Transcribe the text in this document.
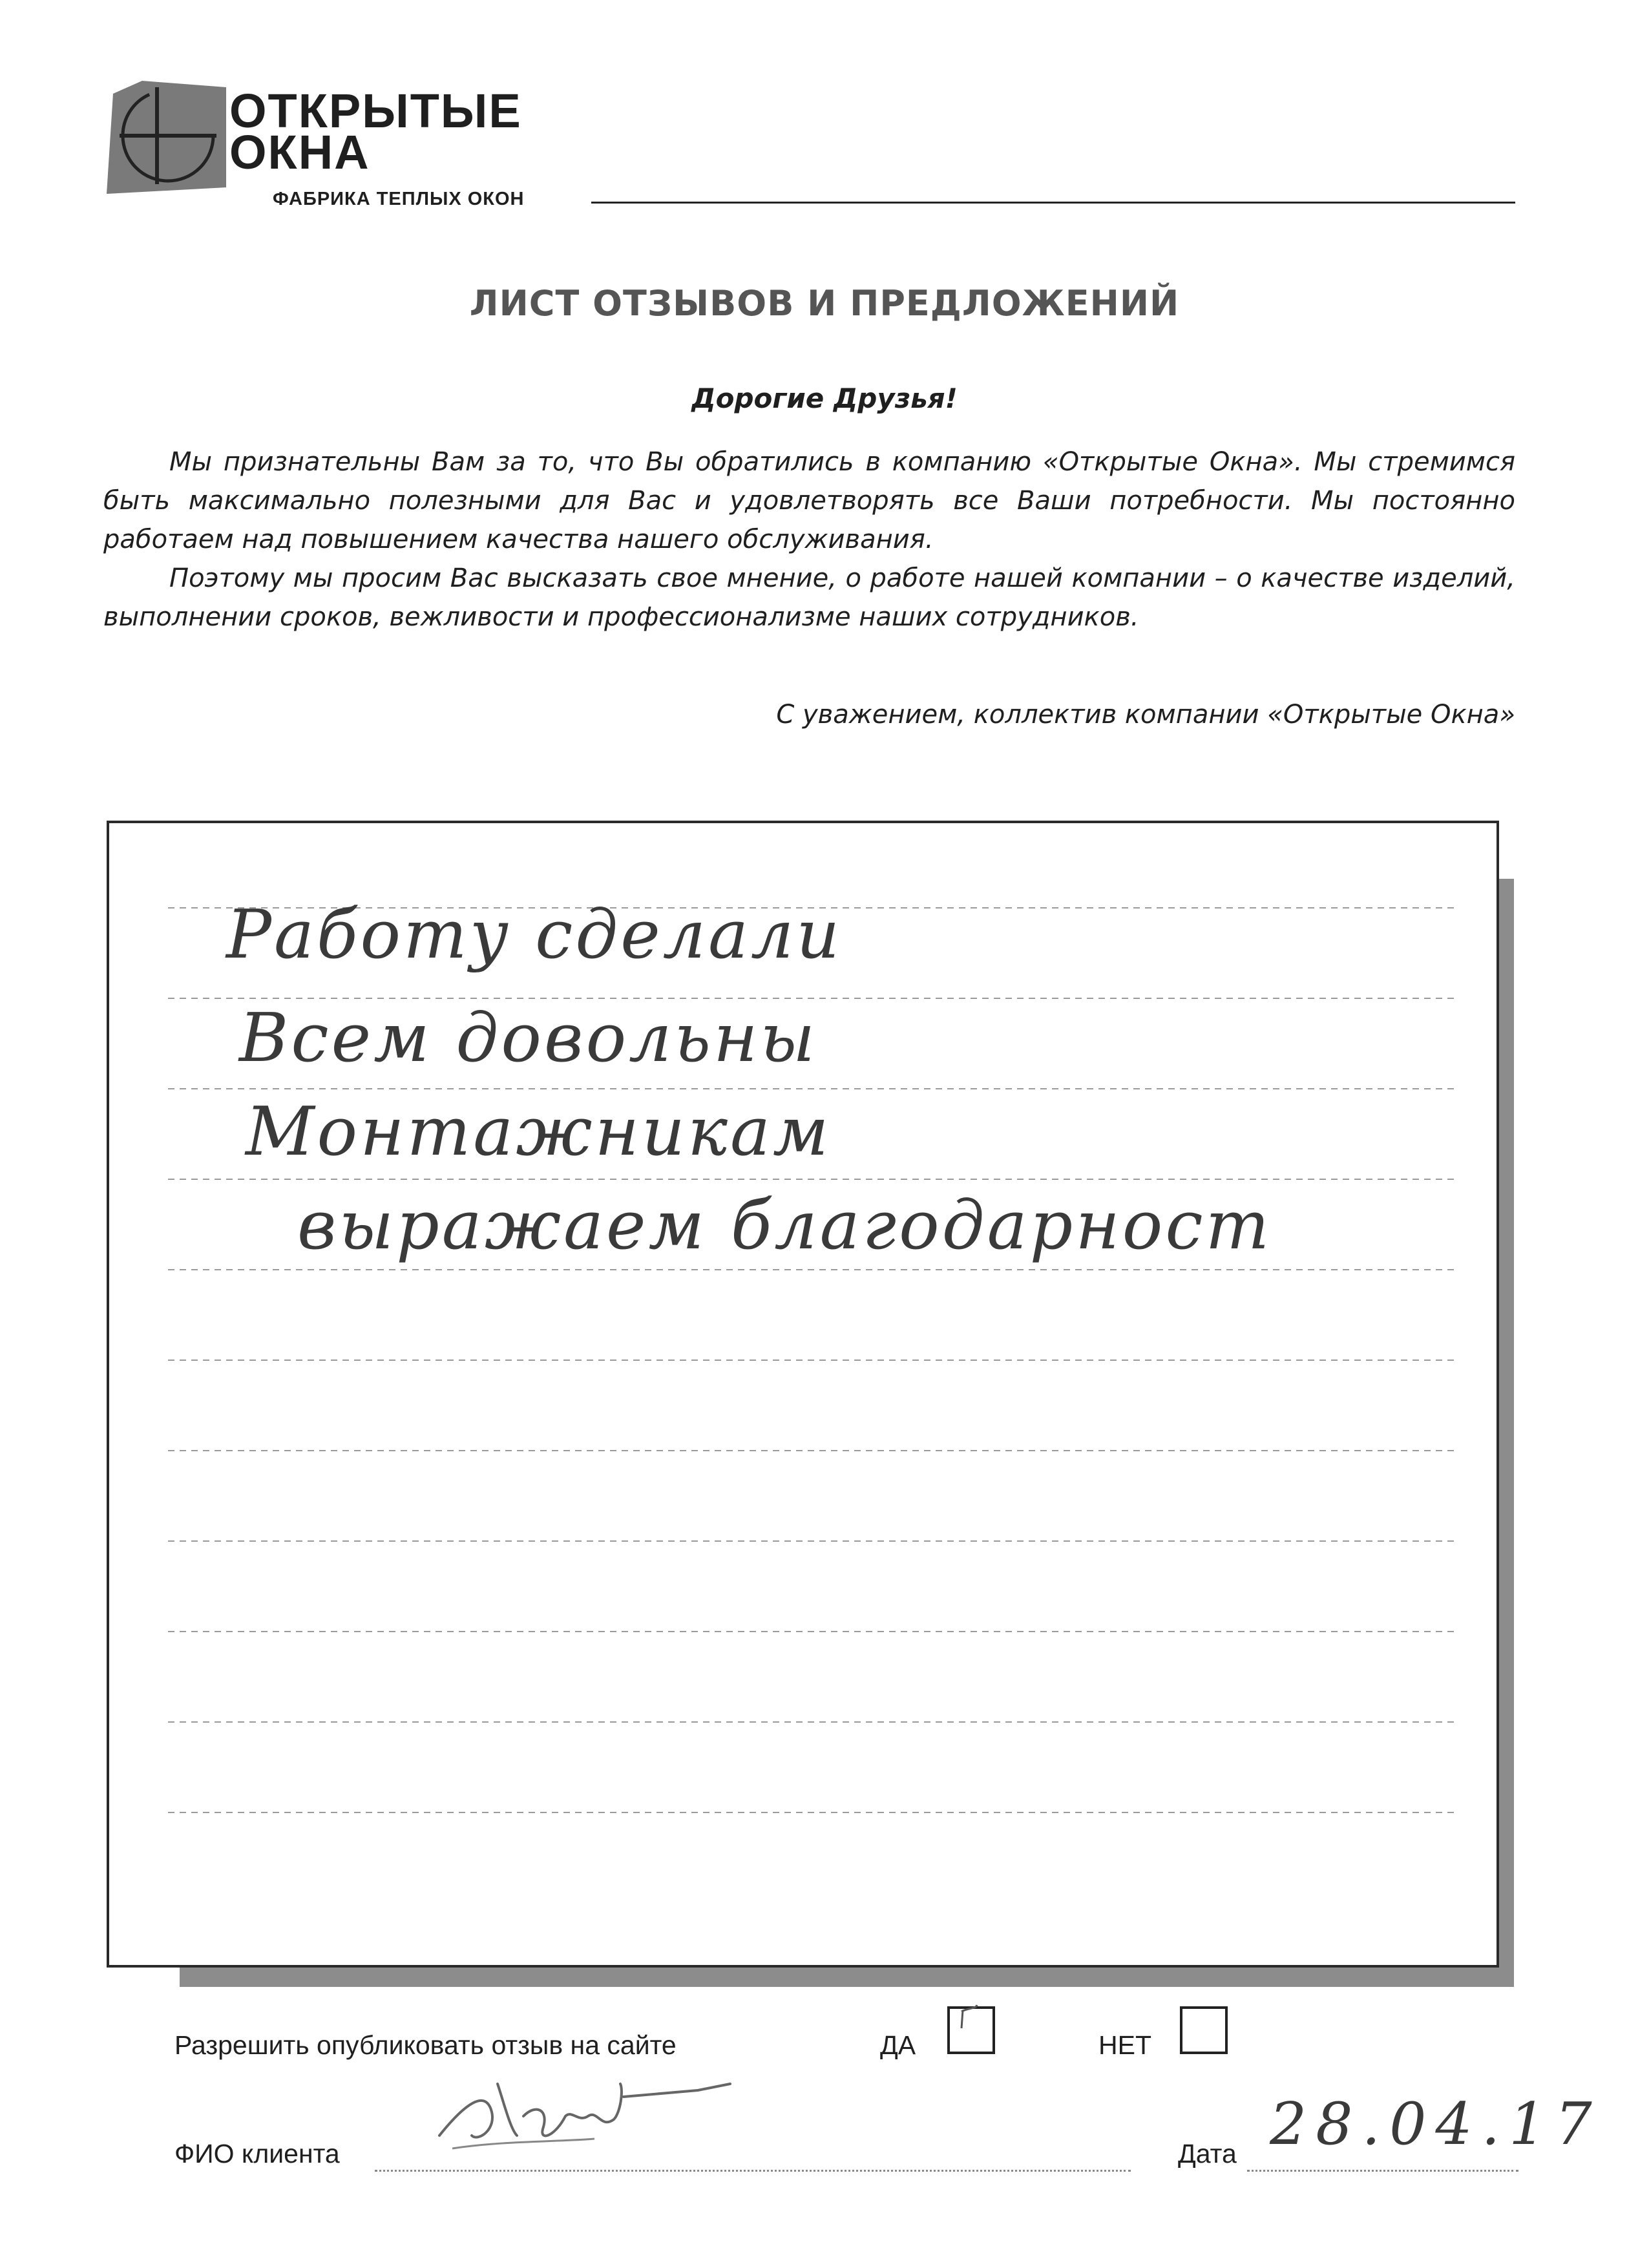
ОТКРЫТЫЕ
ОКНА
ФАБРИКА ТЕПЛЫХ ОКОН
ЛИСТ ОТЗЫВОВ И ПРЕДЛОЖЕНИЙ
Дорогие Друзья!

Мы признательны Вам за то, что Вы обратились в компанию «Открытые Окна». Мы стремимся быть максимально полезными для Вас и удовлетворять все Ваши потребности. Мы постоянно работаем над повышением качества нашего обслуживания.

Поэтому мы просим Вас высказать свое мнение, о работе нашей компании – о качестве изделий, выполнении сроков, вежливости и профессионализме наших сотрудников.

С уважением, коллектив компании «Открытые Окна»
Работу сделали
Всем довольны
Монтажникам
выражаем благодарност
Разрешить опубликовать отзыв на сайте	ДА	НЕТ
ФИО клиента	Дата 28.04.17
